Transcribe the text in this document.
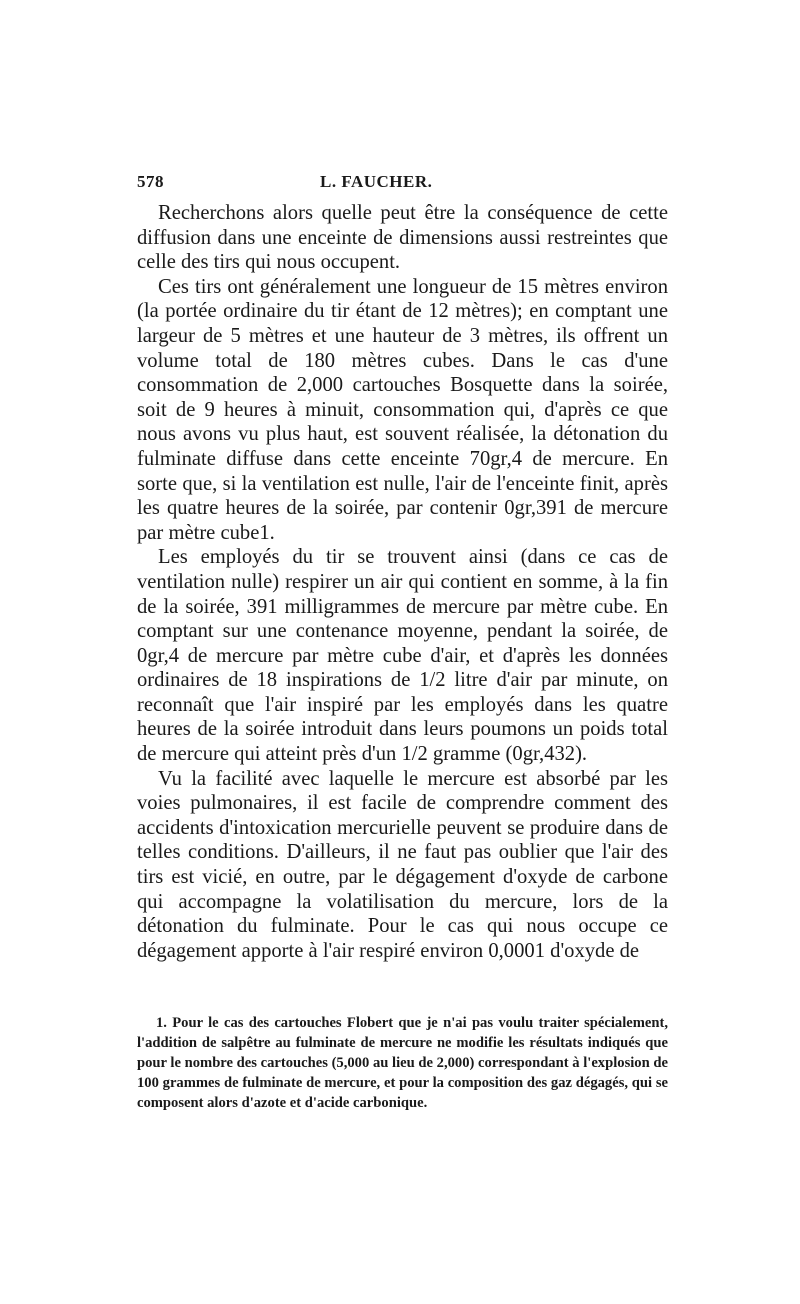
578	L. FAUCHER.

Recherchons alors quelle peut être la conséquence de cette diffusion dans une enceinte de dimensions aussi restreintes que celle des tirs qui nous occupent.

Ces tirs ont généralement une longueur de 15 mètres environ (la portée ordinaire du tir étant de 12 mètres); en comptant une largeur de 5 mètres et une hauteur de 3 mètres, ils offrent un volume total de 180 mètres cubes. Dans le cas d'une consommation de 2,000 cartouches Bosquette dans la soirée, soit de 9 heures à minuit, consommation qui, d'après ce que nous avons vu plus haut, est souvent réalisée, la détonation du fulminate diffuse dans cette enceinte 70gr,4 de mercure. En sorte que, si la ventilation est nulle, l'air de l'enceinte finit, après les quatre heures de la soirée, par contenir 0gr,391 de mercure par mètre cube1.

Les employés du tir se trouvent ainsi (dans ce cas de ventilation nulle) respirer un air qui contient en somme, à la fin de la soirée, 391 milligrammes de mercure par mètre cube. En comptant sur une contenance moyenne, pendant la soirée, de 0gr,4 de mercure par mètre cube d'air, et d'après les données ordinaires de 18 inspirations de 1/2 litre d'air par minute, on reconnaît que l'air inspiré par les employés dans les quatre heures de la soirée introduit dans leurs poumons un poids total de mercure qui atteint près d'un 1/2 gramme (0gr,432).

Vu la facilité avec laquelle le mercure est absorbé par les voies pulmonaires, il est facile de comprendre comment des accidents d'intoxication mercurielle peuvent se produire dans de telles conditions. D'ailleurs, il ne faut pas oublier que l'air des tirs est vicié, en outre, par le dégagement d'oxyde de carbone qui accompagne la volatilisation du mercure, lors de la détonation du fulminate. Pour le cas qui nous occupe ce dégagement apporte à l'air respiré environ 0,0001 d'oxyde de

1. Pour le cas des cartouches Flobert que je n'ai pas voulu traiter spécialement, l'addition de salpêtre au fulminate de mercure ne modifie les résultats indiqués que pour le nombre des cartouches (5,000 au lieu de 2,000) correspondant à l'explosion de 100 grammes de fulminate de mercure, et pour la composition des gaz dégagés, qui se composent alors d'azote et d'acide carbonique.
